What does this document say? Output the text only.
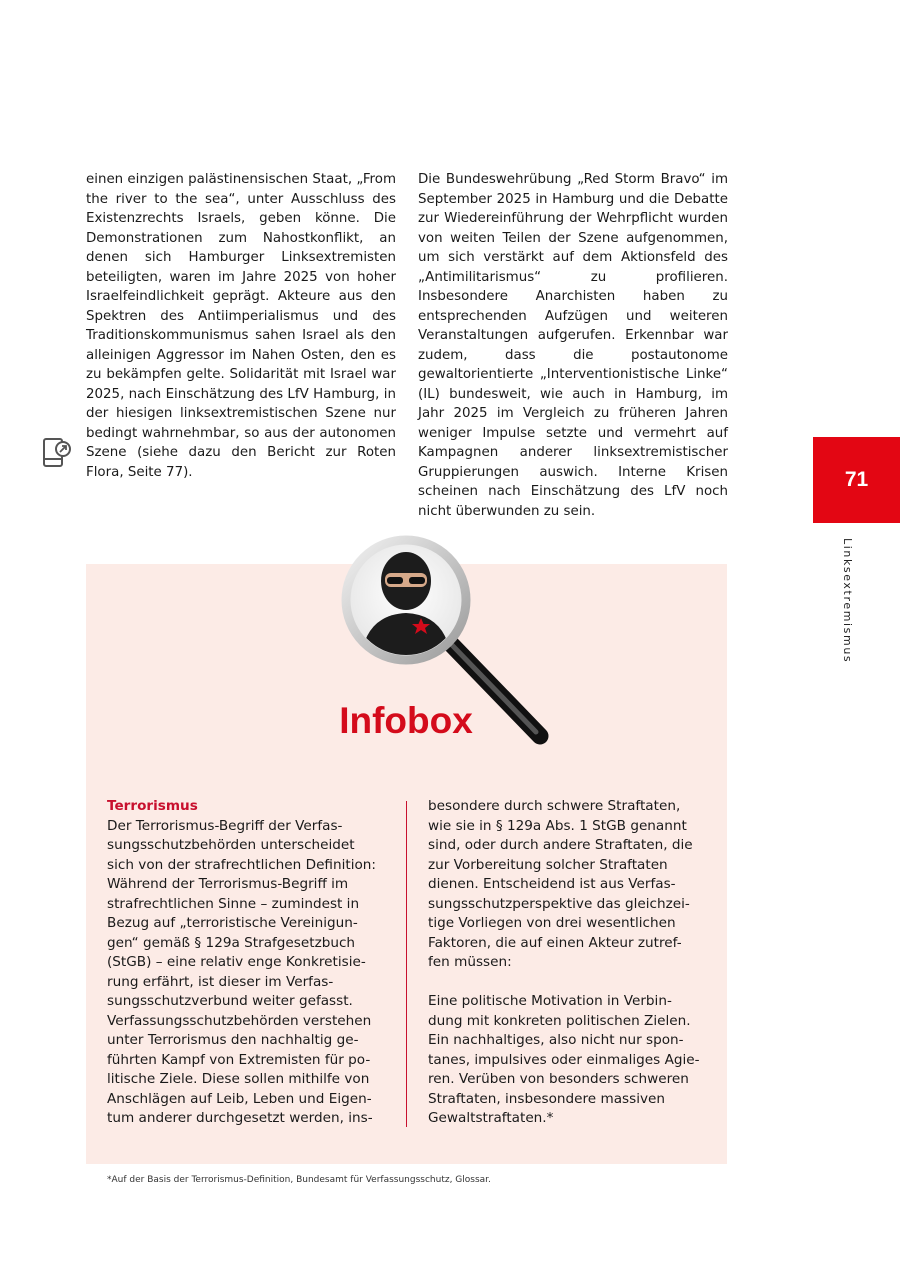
einen einzigen palästinensischen Staat, „From the river to the sea“, unter Ausschluss des Existenzrechts Israels, geben könne. Die Demonstrationen zum Nahostkonflikt, an denen sich Hamburger Linksextremisten beteiligten, waren im Jahre 2025 von hoher Israelfeindlichkeit geprägt. Akteure aus den Spektren des Antiimperialismus und des Traditionskommunismus sahen Israel als den alleinigen Aggressor im Nahen Osten, den es zu bekämpfen gelte. Solidarität mit Israel war 2025, nach Einschätzung des LfV Hamburg, in der hiesigen linksextremistischen Szene nur bedingt wahrnehmbar, so aus der autonomen Szene (siehe dazu den Bericht zur Roten Flora, Seite 77).

Die Bundeswehrübung „Red Storm Bravo“ im September 2025 in Hamburg und die Debatte zur Wiedereinführung der Wehrpflicht wurden von weiten Teilen der Szene aufgenommen, um sich verstärkt auf dem Aktionsfeld des „Antimilitarismus“ zu profilieren. Insbesondere Anarchisten haben zu entsprechenden Aufzügen und weiteren Veranstaltungen aufgerufen. Erkennbar war zudem, dass die postautonome gewaltorientierte „Interventionistische Linke“ (IL) bundesweit, wie auch in Hamburg, im Jahr 2025 im Vergleich zu früheren Jahren weniger Impulse setzte und vermehrt auf Kampagnen anderer linksextremistischer Gruppierungen auswich. Interne Krisen scheinen nach Einschätzung des LfV noch nicht überwunden zu sein.

71
Linksextremismus
Infobox

Terrorismus

Der Terrorismus-Begriff der Verfas-

sungsschutzbehörden unterscheidet

sich von der strafrechtlichen Definition:

Während der Terrorismus-Begriff im

strafrechtlichen Sinne – zumindest in

Bezug auf „terroristische Vereinigun-

gen“ gemäß § 129a Strafgesetzbuch

(StGB) – eine relativ enge Konkretisie-

rung erfährt, ist dieser im Verfas-

sungsschutzverbund weiter gefasst.

Verfassungsschutzbehörden verstehen

unter Terrorismus den nachhaltig ge-

führten Kampf von Extremisten für po-

litische Ziele. Diese sollen mithilfe von

Anschlägen auf Leib, Leben und Eigen-

tum anderer durchgesetzt werden, ins-

besondere durch schwere Straftaten,

wie sie in § 129a Abs. 1 StGB genannt

sind, oder durch andere Straftaten, die

zur Vorbereitung solcher Straftaten

dienen. Entscheidend ist aus Verfas-

sungsschutzperspektive das gleichzei-

tige Vorliegen von drei wesentlichen

Faktoren, die auf einen Akteur zutref-

fen müssen:

Eine politische Motivation in Verbin-

dung mit konkreten politischen Zielen.

Ein nachhaltiges, also nicht nur spon-

tanes, impulsives oder einmaliges Agie-

ren. Verüben von besonders schweren

Straftaten, insbesondere massiven

Gewaltstraftaten.*

*Auf der Basis der Terrorismus-Definition, Bundesamt für Verfassungsschutz, Glossar.
